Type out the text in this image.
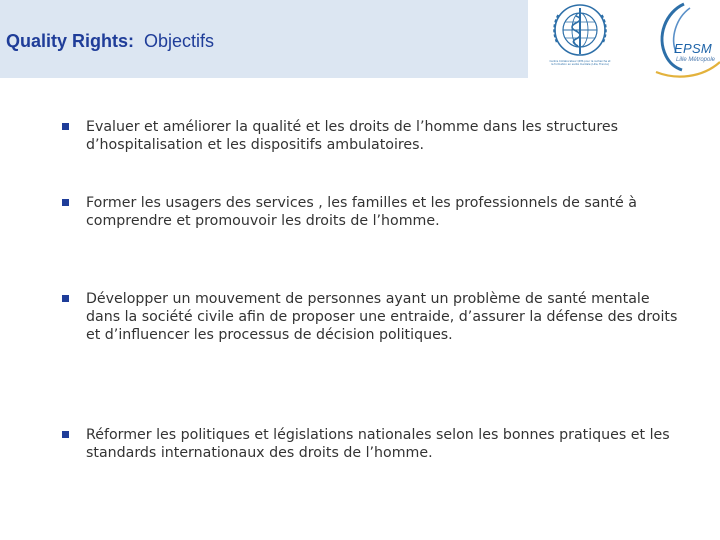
Quality Rights: Objectifs
Centre Collaborateur OMS pour la recherche et la formation en santé mentale (Lille, France)
EPSM
Lille Métropole
Evaluer et améliorer la qualité et les droits de l’homme dans les structures d’hospitalisation et les dispositifs ambulatoires.
Former les usagers des services , les familles et les professionnels de santé à comprendre et promouvoir les droits de l’homme.
Développer un mouvement de personnes ayant un problème de santé mentale dans la société civile afin de proposer une entraide, d’assurer la défense des droits et d’influencer les processus de décision politiques.
Réformer les politiques et législations nationales selon les bonnes pratiques et les standards internationaux des droits de l’homme.
